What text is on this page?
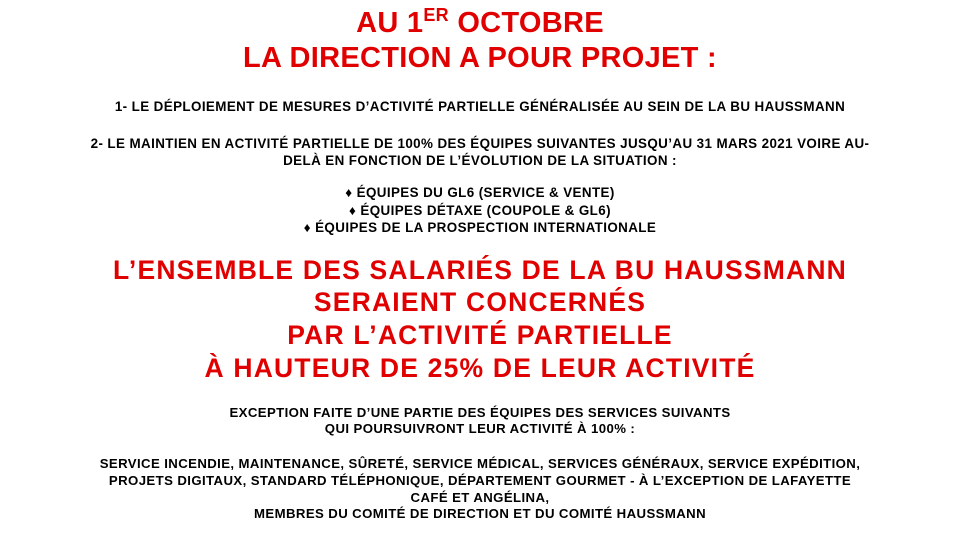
AU 1ER OCTOBRE
LA DIRECTION A POUR PROJET :
1- LE DÉPLOIEMENT DE MESURES D’ACTIVITÉ PARTIELLE GÉNÉRALISÉE AU SEIN DE LA BU HAUSSMANN
2- LE MAINTIEN EN ACTIVITÉ PARTIELLE DE 100% DES ÉQUIPES SUIVANTES JUSQU’AU 31 MARS 2021 VOIRE AU-
DELÀ EN FONCTION DE L’ÉVOLUTION DE LA SITUATION :
♦ ÉQUIPES DU GL6 (SERVICE & VENTE)
♦ ÉQUIPES DÉTAXE (COUPOLE & GL6)
♦ ÉQUIPES DE LA PROSPECTION INTERNATIONALE
L’ENSEMBLE DES SALARIÉS DE LA BU HAUSSMANN
SERAIENT CONCERNÉS
PAR L’ACTIVITÉ PARTIELLE
À HAUTEUR DE 25% DE LEUR ACTIVITÉ
EXCEPTION FAITE D’UNE PARTIE DES ÉQUIPES DES SERVICES SUIVANTS
QUI POURSUIVRONT LEUR ACTIVITÉ À 100% :
SERVICE INCENDIE, MAINTENANCE, SÛRETÉ, SERVICE MÉDICAL, SERVICES GÉNÉRAUX, SERVICE EXPÉDITION,
PROJETS DIGITAUX, STANDARD TÉLÉPHONIQUE, DÉPARTEMENT GOURMET - À L’EXCEPTION DE LAFAYETTE
CAFÉ ET ANGÉLINA,
MEMBRES DU COMITÉ DE DIRECTION ET DU COMITÉ HAUSSMANN
